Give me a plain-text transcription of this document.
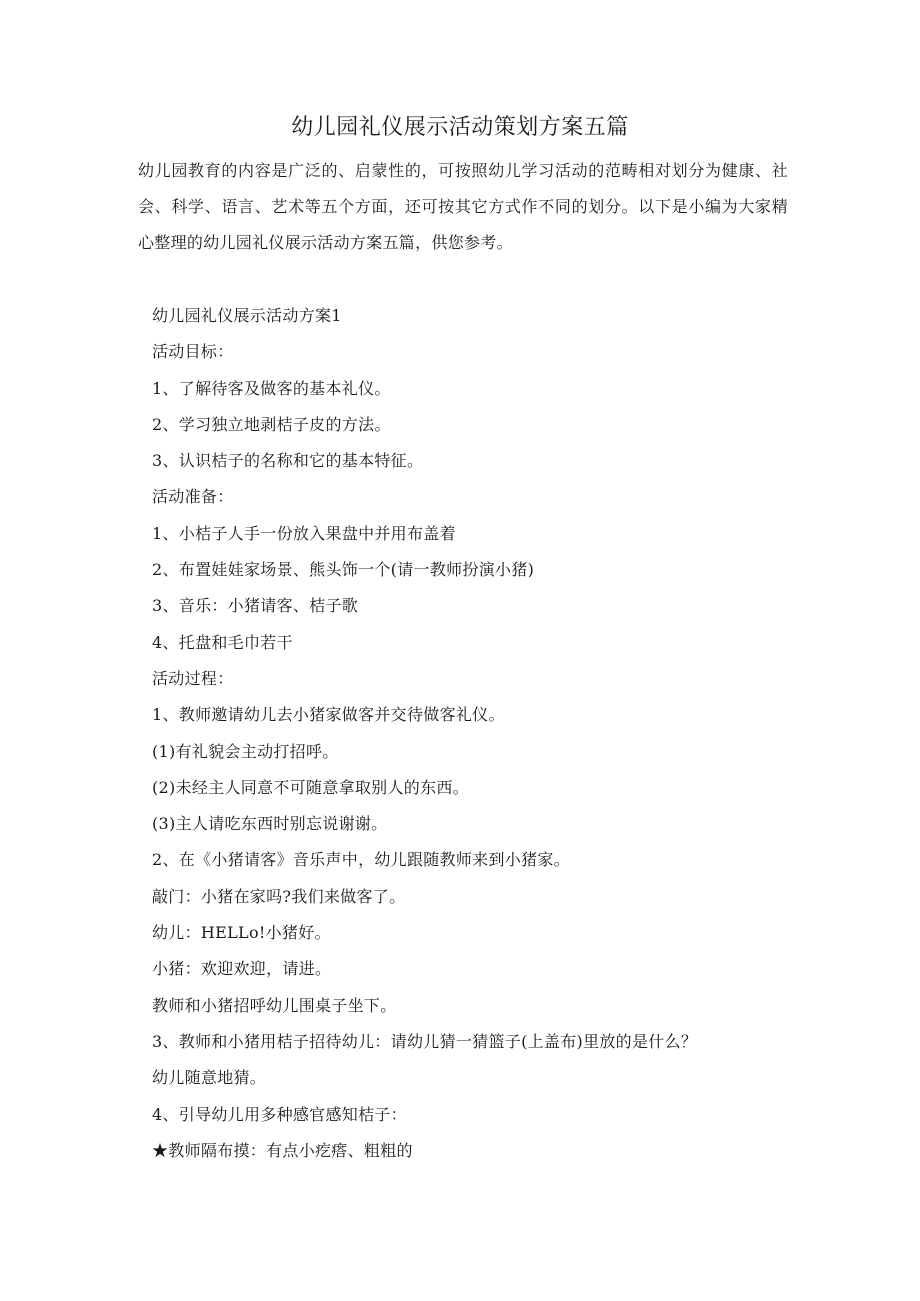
幼儿园礼仪展示活动策划方案五篇

幼儿园教育的内容是广泛的、启蒙性的，可按照幼儿学习活动的范畴相对划分为健康、社会、科学、语言、艺术等五个方面，还可按其它方式作不同的划分。以下是小编为大家精心整理的幼儿园礼仪展示活动方案五篇，供您参考。

幼儿园礼仪展示活动方案1
活动目标：
1、了解待客及做客的基本礼仪。
2、学习独立地剥桔子皮的方法。
3、认识桔子的名称和它的基本特征。
活动准备：
1、小桔子人手一份放入果盘中并用布盖着
2、布置娃娃家场景、熊头饰一个(请一教师扮演小猪)
3、音乐：小猪请客、桔子歌
4、托盘和毛巾若干
活动过程：
1、教师邀请幼儿去小猪家做客并交待做客礼仪。
(1)有礼貌会主动打招呼。
(2)未经主人同意不可随意拿取别人的东西。
(3)主人请吃东西时别忘说谢谢。
2、在《小猪请客》音乐声中，幼儿跟随教师来到小猪家。
敲门：小猪在家吗?我们来做客了。
幼儿：HELLo!小猪好。
小猪：欢迎欢迎，请进。
教师和小猪招呼幼儿围桌子坐下。
3、教师和小猪用桔子招待幼儿：请幼儿猜一猜篮子(上盖布)里放的是什么？
幼儿随意地猜。
4、引导幼儿用多种感官感知桔子：
★教师隔布摸：有点小疙瘩、粗粗的
